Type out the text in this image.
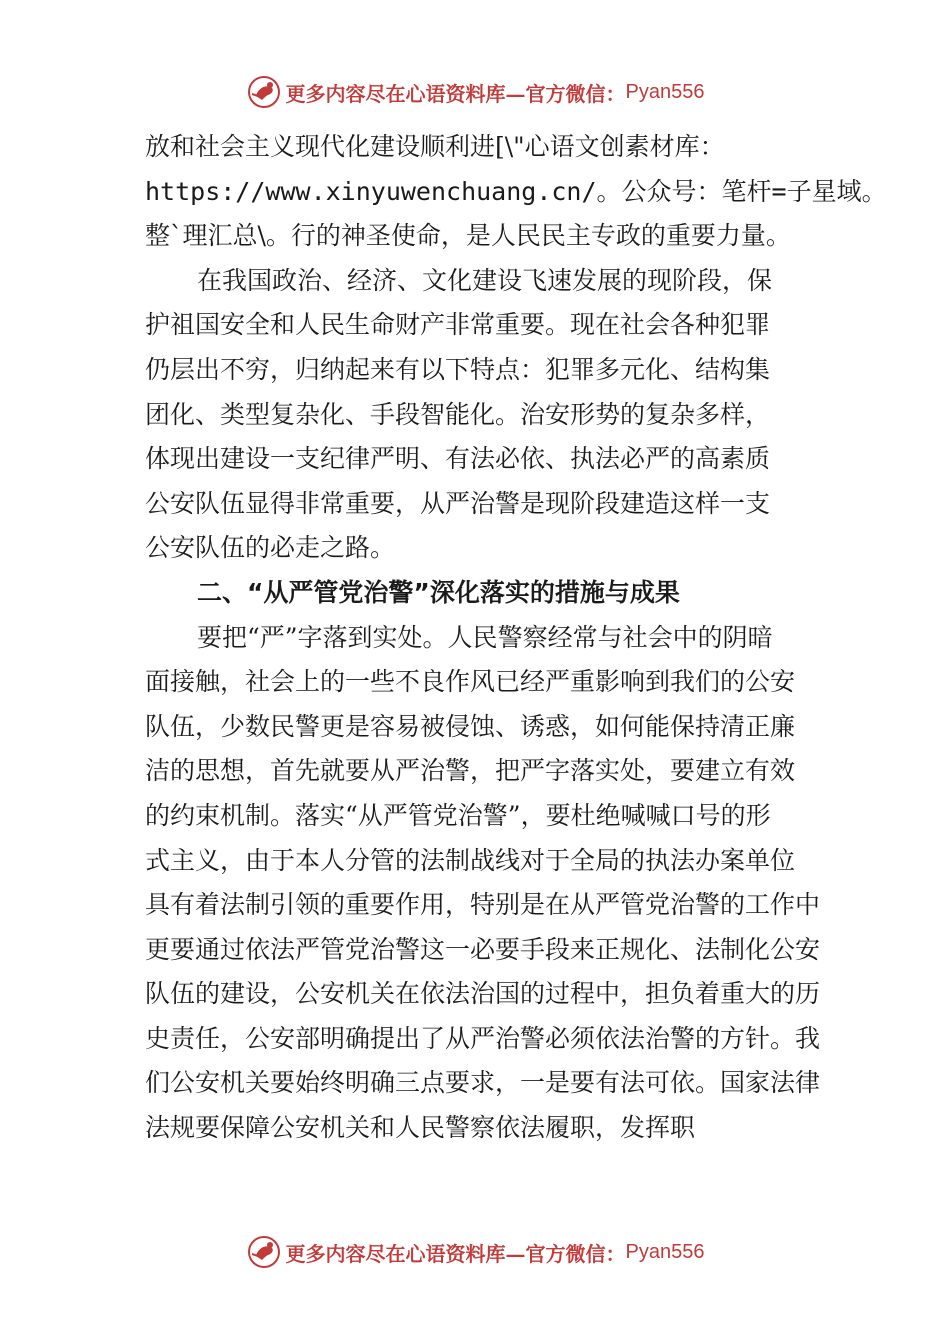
更多内容尽在心语资料库—官方微信： Pyan556
放和社会主义现代化建设顺利进[\"心语文创素材库：
https://www.xinyuwenchuang.cn/。公众号：笔杆=子星域。
整`理汇总\。行的神圣使命，是人民民主专政的重要力量。
在我国政治、经济、文化建设飞速发展的现阶段，保
护祖国安全和人民生命财产非常重要。现在社会各种犯罪
仍层出不穷，归纳起来有以下特点：犯罪多元化、结构集
团化、类型复杂化、手段智能化。治安形势的复杂多样，
体现出建设一支纪律严明、有法必依、执法必严的高素质
公安队伍显得非常重要，从严治警是现阶段建造这样一支
公安队伍的必走之路。
二、“从严管党治警”深化落实的措施与成果
要把“严”字落到实处。人民警察经常与社会中的阴暗
面接触，社会上的一些不良作风已经严重影响到我们的公安
队伍，少数民警更是容易被侵蚀、诱惑，如何能保持清正廉
洁的思想，首先就要从严治警，把严字落实处，要建立有效
的约束机制。落实“从严管党治警”，要杜绝喊喊口号的形
式主义，由于本人分管的法制战线对于全局的执法办案单位
具有着法制引领的重要作用，特别是在从严管党治警的工作中
更要通过依法严管党治警这一必要手段来正规化、法制化公安
队伍的建设，公安机关在依法治国的过程中，担负着重大的历
史责任，公安部明确提出了从严治警必须依法治警的方针。我
们公安机关要始终明确三点要求，一是要有法可依。国家法律
法规要保障公安机关和人民警察依法履职，发挥职
更多内容尽在心语资料库—官方微信： Pyan556
